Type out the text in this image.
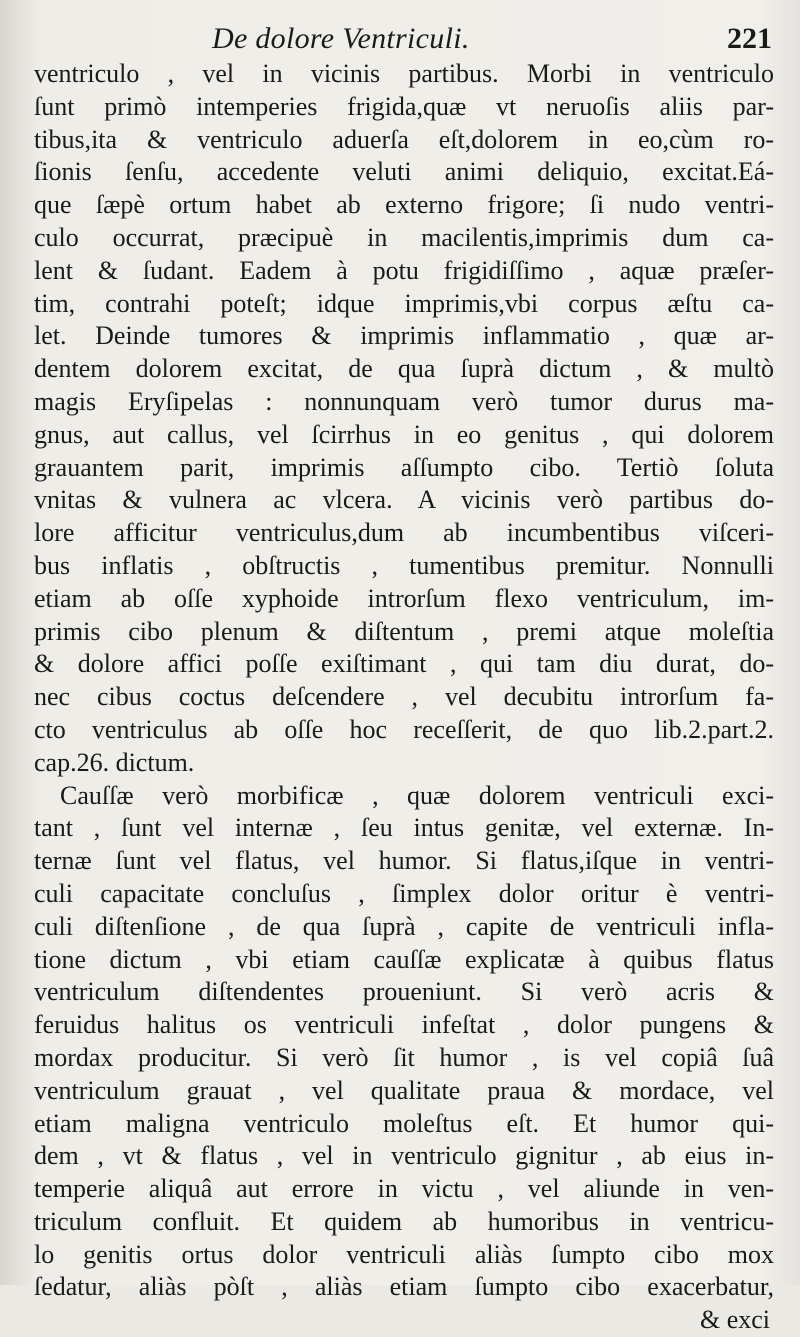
De dolore Ventriculi.	221
ventriculo , vel in vicinis partibus. Morbi in ventriculo
ſunt primò intemperies frigida,quæ vt neruoſis aliis par-
tibus,ita & ventriculo aduerſa eſt,dolorem in eo,cùm ro-
ſionis ſenſu, accedente veluti animi deliquio, excitat.Eá-
que ſæpè ortum habet ab externo frigore; ſi nudo ventri-
culo occurrat, præcipuè in macilentis,imprimis dum ca-
lent & ſudant. Eadem à potu frigidiſſimo , aquæ præſer-
tim, contrahi poteſt; idque imprimis,vbi corpus æſtu ca-
let. Deinde tumores & imprimis inflammatio , quæ ar-
dentem dolorem excitat, de qua ſuprà dictum , & multò
magis Eryſipelas : nonnunquam verò tumor durus ma-
gnus, aut callus, vel ſcirrhus in eo genitus , qui dolorem
grauantem parit, imprimis aſſumpto cibo. Tertiò ſoluta
vnitas & vulnera ac vlcera. A vicinis verò partibus do-
lore afficitur ventriculus,dum ab incumbentibus viſceri-
bus inflatis , obſtructis , tumentibus premitur. Nonnulli
etiam ab oſſe xyphoide introrſum flexo ventriculum, im-
primis cibo plenum & diſtentum , premi atque moleſtia
& dolore affici poſſe exiſtimant , qui tam diu durat, do-
nec cibus coctus deſcendere , vel decubitu introrſum fa-
cto ventriculus ab oſſe hoc receſſerit, de quo lib.2.part.2.
cap.26. dictum.
Cauſſæ verò morbificæ , quæ dolorem ventriculi exci-
tant , ſunt vel internæ , ſeu intus genitæ, vel externæ. In-
ternæ ſunt vel flatus, vel humor. Si flatus,iſque in ventri-
culi capacitate concluſus , ſimplex dolor oritur è ventri-
culi diſtenſione , de qua ſuprà , capite de ventriculi infla-
tione dictum , vbi etiam cauſſæ explicatæ à quibus flatus
ventriculum diſtendentes proueniunt. Si verò acris &
feruidus halitus os ventriculi infeſtat , dolor pungens &
mordax producitur. Si verò ſit humor , is vel copiâ ſuâ
ventriculum grauat , vel qualitate praua & mordace, vel
etiam maligna ventriculo moleſtus eſt. Et humor qui-
dem , vt & flatus , vel in ventriculo gignitur , ab eius in-
temperie aliquâ aut errore in victu , vel aliunde in ven-
triculum confluit. Et quidem ab humoribus in ventricu-
lo genitis ortus dolor ventriculi aliàs ſumpto cibo mox
ſedatur, aliàs pòſt , aliàs etiam ſumpto cibo exacerbatur,
& exci
